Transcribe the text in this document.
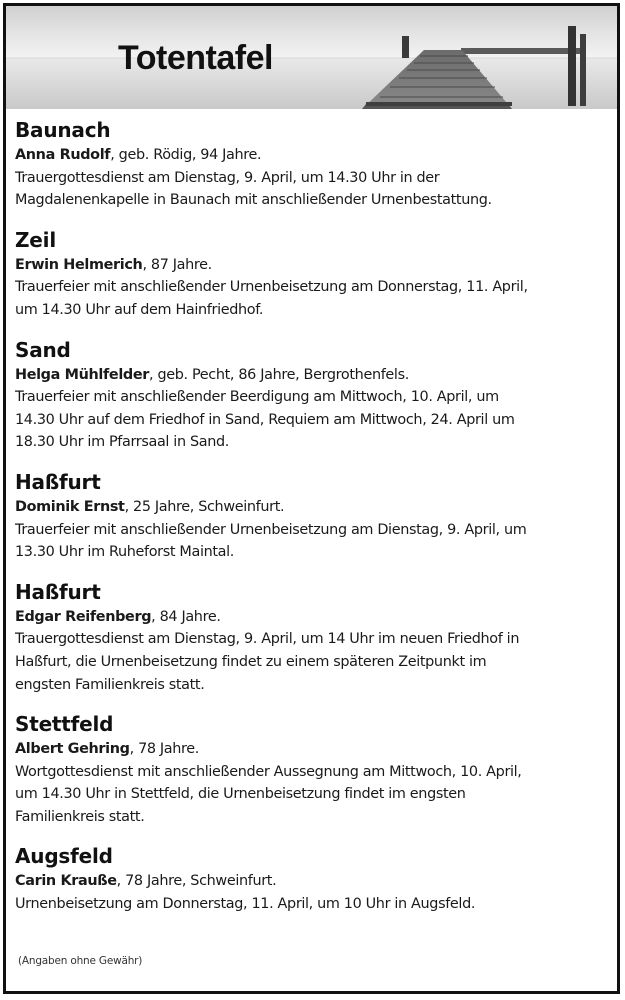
Totentafel
Baunach
Anna Rudolf, geb. Rödig, 94 Jahre.
Trauergottesdienst am Dienstag, 9. April, um 14.30 Uhr in der
Magdalenenkapelle in Baunach mit anschließender Urnenbestattung.
Zeil
Erwin Helmerich, 87 Jahre.
Trauerfeier mit anschließender Urnenbeisetzung am Donnerstag, 11. April,
um 14.30 Uhr auf dem Hainfriedhof.
Sand
Helga Mühlfelder, geb. Pecht, 86 Jahre, Bergrothenfels.
Trauerfeier mit anschließender Beerdigung am Mittwoch, 10. April, um
14.30 Uhr auf dem Friedhof in Sand, Requiem am Mittwoch, 24. April um
18.30 Uhr im Pfarrsaal in Sand.
Haßfurt
Dominik Ernst, 25 Jahre, Schweinfurt.
Trauerfeier mit anschließender Urnenbeisetzung am Dienstag, 9. April, um
13.30 Uhr im Ruheforst Maintal.
Haßfurt
Edgar Reifenberg, 84 Jahre.
Trauergottesdienst am Dienstag, 9. April, um 14 Uhr im neuen Friedhof in
Haßfurt, die Urnenbeisetzung findet zu einem späteren Zeitpunkt im
engsten Familienkreis statt.
Stettfeld
Albert Gehring, 78 Jahre.
Wortgottesdienst mit anschließender Aussegnung am Mittwoch, 10. April,
um 14.30 Uhr in Stettfeld, die Urnenbeisetzung findet im engsten
Familienkreis statt.
Augsfeld
Carin Krauße, 78 Jahre, Schweinfurt.
Urnenbeisetzung am Donnerstag, 11. April, um 10 Uhr in Augsfeld.
(Angaben ohne Gewähr)
